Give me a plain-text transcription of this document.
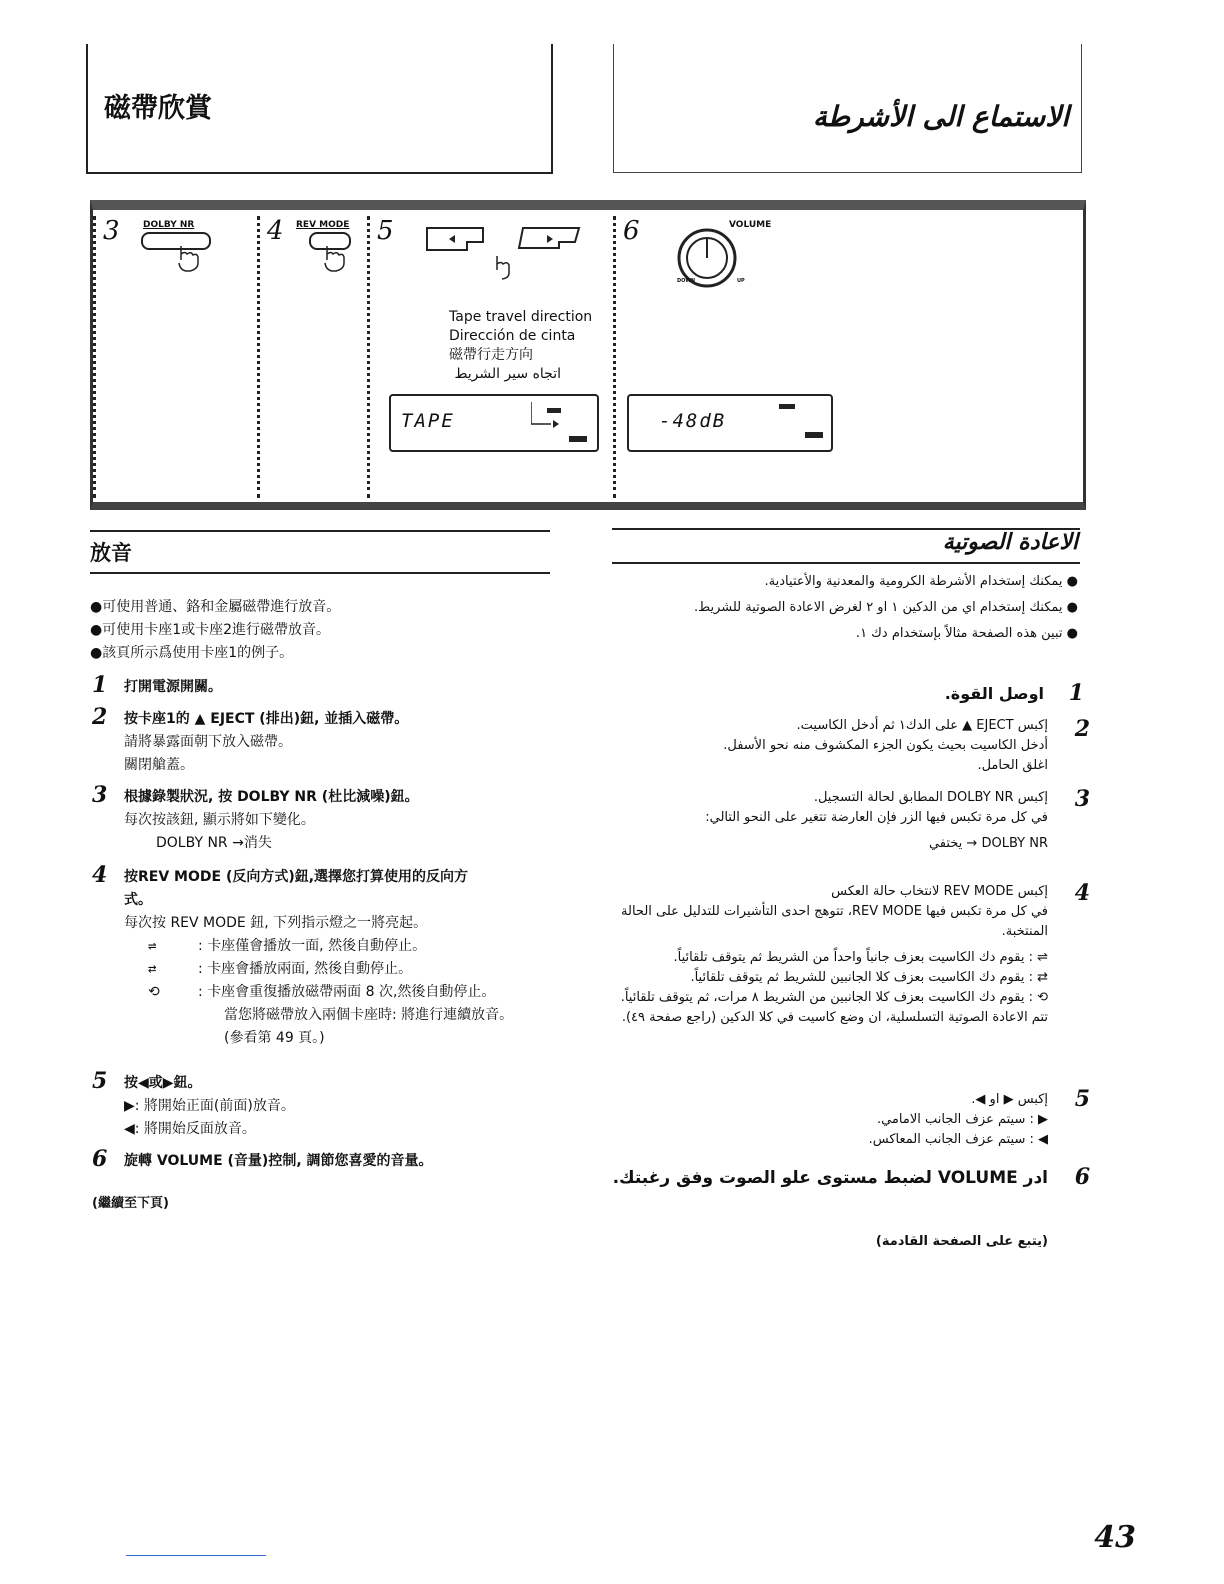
磁帶欣賞	الاستماع الى الأشرطة
3	DOLBY NR	4 REV MODE 5
Tape travel direction
Dirección de cinta
磁帶行走方向
اتجاه سير الشريط
TAPE
6	VOLUME
DOWN	UP
-48dB
放音	الاعادة الصوتية
●可使用普通、鉻和金屬磁帶進行放音。
●可使用卡座1或卡座2進行磁帶放音。
●該頁所示爲使用卡座1的例子。
1 打開電源開關。
2 按卡座1的 ▲ EJECT (排出)鈕, 並插入磁帶。
請將暴露面朝下放入磁帶。
關閉艙蓋。
3 根據錄製狀況, 按 DOLBY NR (杜比減噪)鈕。
每次按該鈕, 顯示將如下變化。
DOLBY NR →消失
4 按REV MODE (反向方式)鈕,選擇您打算使用的反向方
式。
每次按 REV MODE 鈕, 下列指示燈之一將亮起。
⇌	: 卡座僅會播放一面, 然後自動停止。
⇄	: 卡座會播放兩面, 然後自動停止。
⟲	: 卡座會重復播放磁帶兩面 8 次,然後自動停止。
當您將磁帶放入兩個卡座時: 將進行連續放音。
(參看第 49 頁。)
5 按◀或▶鈕。
▶: 將開始正面(前面)放音。
◀: 將開始反面放音。
6 旋轉 VOLUME (音量)控制, 調節您喜愛的音量。
(繼續至下頁)
● يمكنك إستخدام الأشرطة الكرومية والمعدنية والأعتيادية.
● يمكنك إستخدام اي من الدكين ١ او ٢ لغرض الاعادة الصوتية للشريط.
● تبين هذه الصفحة مثالاً بإستخدام دك ١.
1
اوصل القوة.
2
إكبس EJECT ▲ على الدك١ ثم أدخل الكاسيت.
أدخل الكاسيت بحيث يكون الجزء المكشوف منه نحو الأسفل.
اغلق الحامل.
3
إكبس DOLBY NR المطابق لحالة التسجيل.
في كل مرة تكبس فيها الزر فإن العارضة تتغير على النحو التالي:
DOLBY NR → يختفي
4
إكبس REV MODE لانتخاب حالة العكس
في كل مرة تكبس فيها REV MODE، تتوهج احدى التأشيرات للتدليل على الحالة المنتخبة.
⇌ : يقوم دك الكاسيت بعزف جانباً واحداً من الشريط ثم يتوقف تلقائياً.
⇄ : يقوم دك الكاسيت بعزف كلا الجانبين للشريط ثم يتوقف تلقائياً.
⟲ : يقوم دك الكاسيت بعزف كلا الجانبين من الشريط ٨ مرات، ثم يتوقف تلقائياً.
تتم الاعادة الصوتية التسلسلية، ان وضع كاسيت في كلا الدكين (راجع صفحة ٤٩).
5
إكبس ▶ او ◀.
▶ : سيتم عزف الجانب الامامي.
◀ : سيتم عزف الجانب المعاكس.
6
ادر VOLUME لضبط مستوى علو الصوت وفق رغبتك.
(يتبع على الصفحة القادمة)
43
